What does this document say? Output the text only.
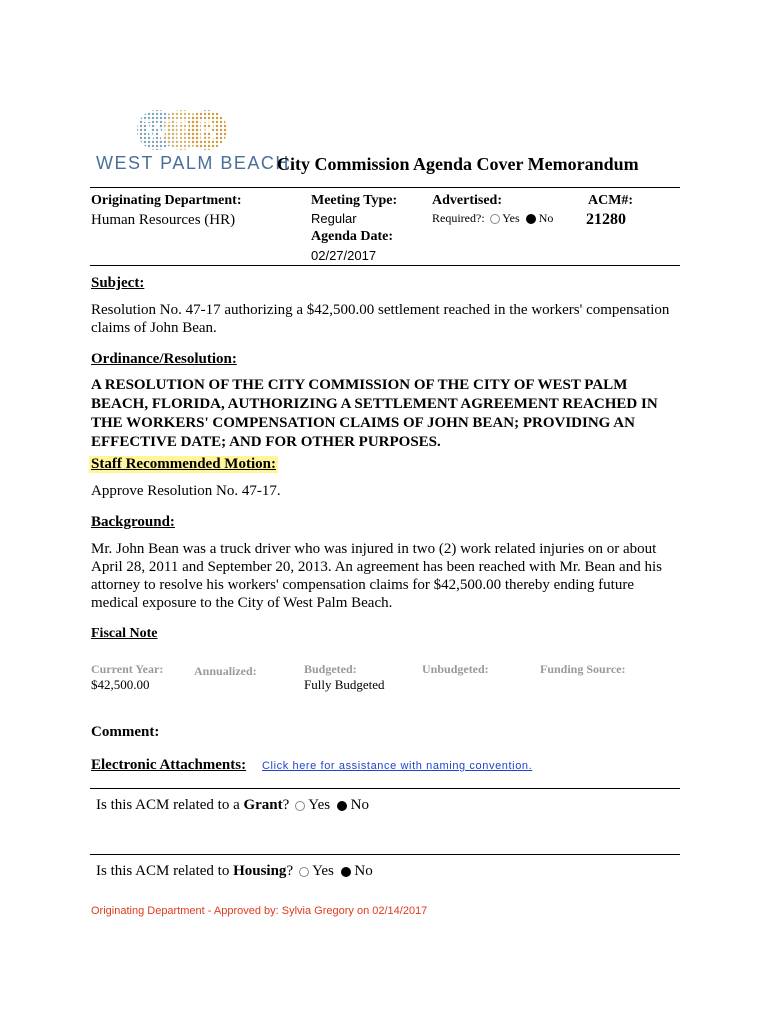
W P B
WEST PALM BEACH
City Commission Agenda Cover Memorandum
Originating Department:
Human Resources (HR)
Meeting Type:
Regular
Agenda Date:
02/27/2017
Advertised:
Required?: Yes No
ACM#:
21280
Subject:
Resolution No. 47-17 authorizing a $42,500.00 settlement reached in the workers' compensation
claims of John Bean.
Ordinance/Resolution:
A RESOLUTION OF THE CITY COMMISSION OF THE CITY OF WEST PALM
BEACH, FLORIDA, AUTHORIZING A SETTLEMENT AGREEMENT REACHED IN
THE WORKERS' COMPENSATION CLAIMS OF JOHN BEAN; PROVIDING AN
EFFECTIVE DATE; AND FOR OTHER PURPOSES.
Staff Recommended Motion:
Approve Resolution No. 47-17.
Background:
Mr. John Bean was a truck driver who was injured in two (2) work related injuries on or about
April 28, 2011 and September 20, 2013. An agreement has been reached with Mr. Bean and his
attorney to resolve his workers' compensation claims for $42,500.00 thereby ending future
medical exposure to the City of West Palm Beach.
Fiscal Note
Current Year:
$42,500.00
Annualized:	Budgeted:
Fully Budgeted
Unbudgeted:	Funding Source:
Comment:
Electronic Attachments: Click here for assistance with naming convention.
Is this ACM related to a Grant? Yes No
Is this ACM related to Housing? Yes No
Originating Department - Approved by: Sylvia Gregory on 02/14/2017
